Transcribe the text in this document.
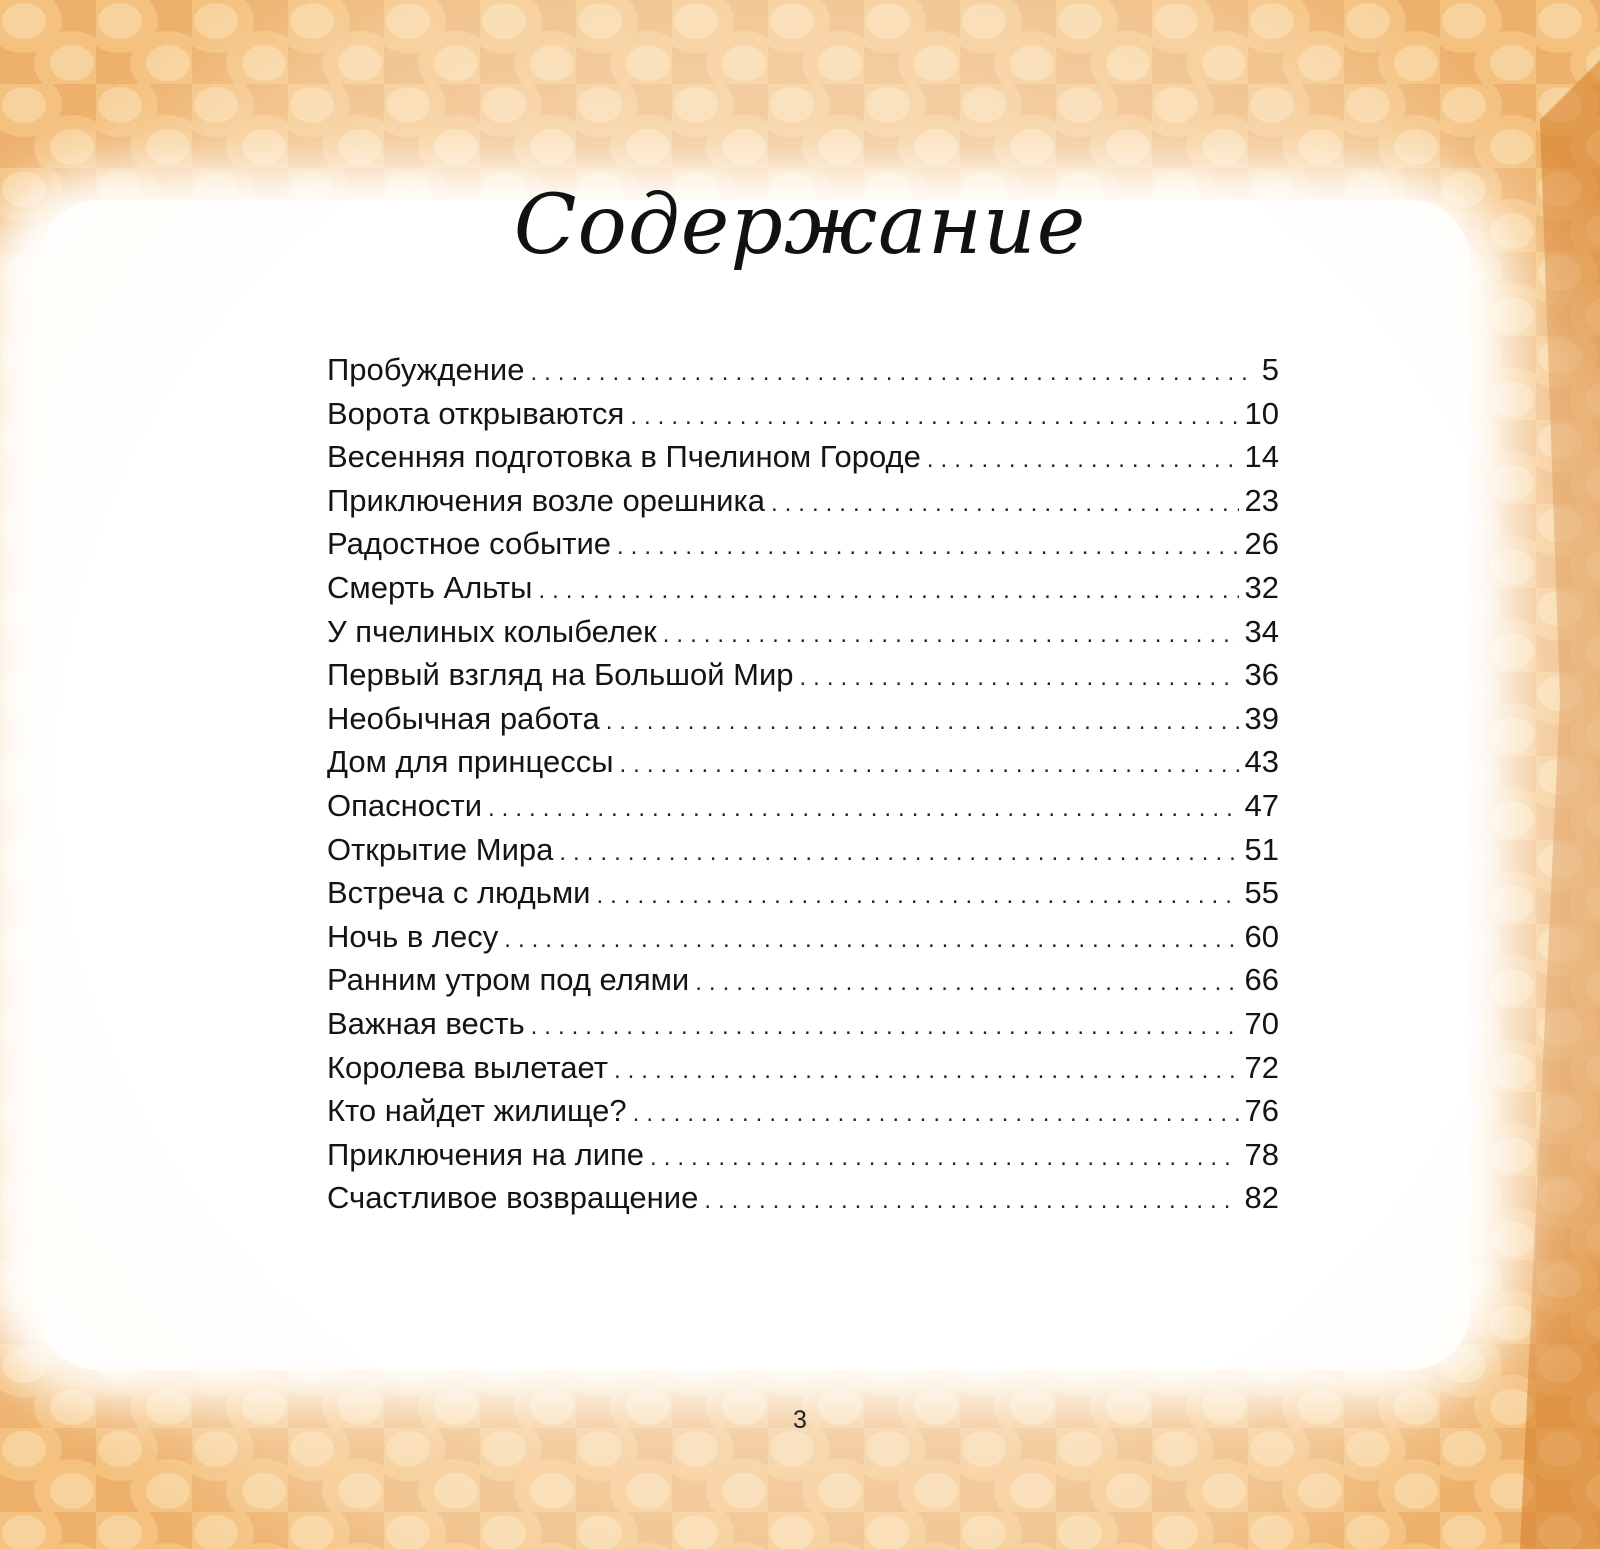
Содержание
Пробуждение .....	5
Ворота открываются .....	10
Весенняя подготовка в Пчелином Городе .....	14
Приключения возле орешника .....	23
Радостное событие .....	26
Смерть Альты .....	32
У пчелиных колыбелек .....	34
Первый взгляд на Большой Мир .....	36
Необычная работа .....	39
Дом для принцессы .....	43
Опасности .....	47
Открытие Мира .....	51
Встреча с людьми .....	55
Ночь в лесу .....	60
Ранним утром под елями .....	66
Важная весть .....	70
Королева вылетает .....	72
Кто найдет жилище? .....	76
Приключения на липе .....	78
Счастливое возвращение .....	82
3
